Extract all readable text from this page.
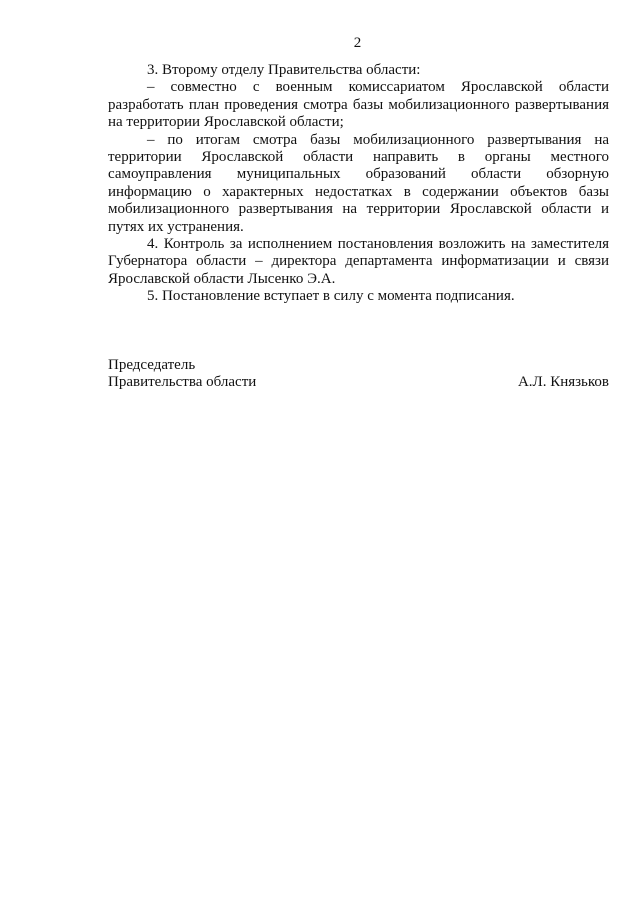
2

3. Второму отделу Правительства области:

– совместно с военным комиссариатом Ярославской области разработать план проведения смотра базы мобилизационного развертывания на территории Ярославской области;

– по итогам смотра базы мобилизационного развертывания на территории Ярославской области направить в органы местного самоуправления муниципальных образований области обзорную информацию о характерных недостатках в содержании объектов базы мобилизационного развертывания на территории Ярославской области и путях их устранения.

4. Контроль за исполнением постановления возложить на заместителя Губернатора области – директора департамента информатизации и связи Ярославской области Лысенко Э.А.

5. Постановление вступает в силу с момента подписания.

Председатель
Правительства области	А.Л. Князьков
